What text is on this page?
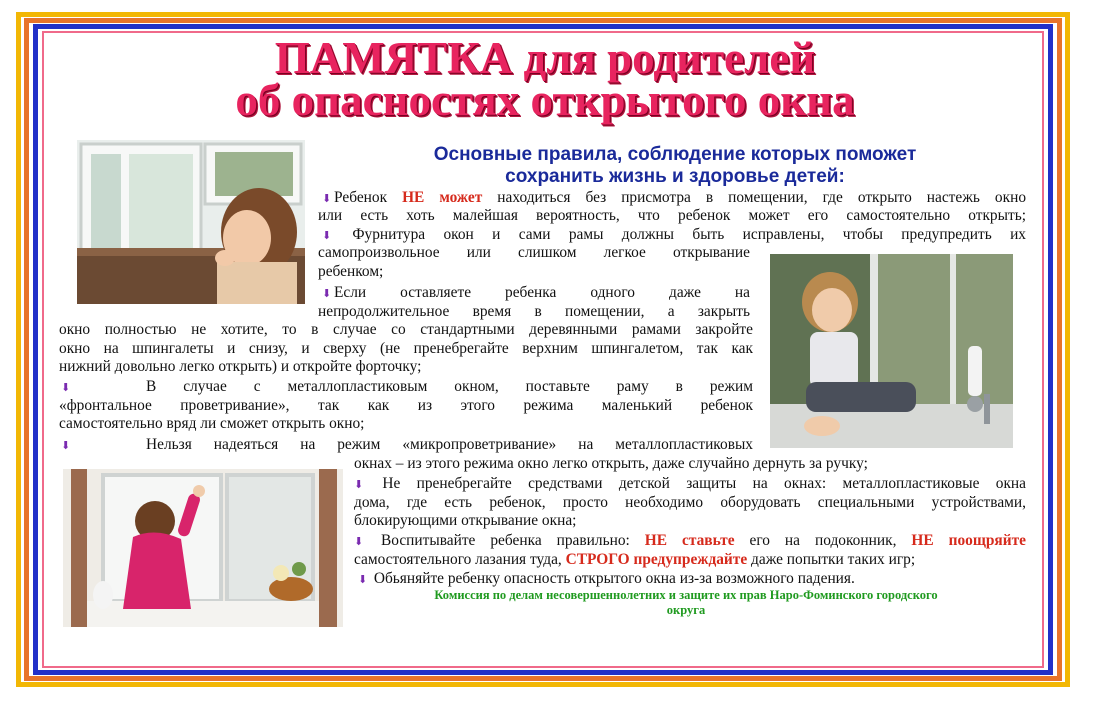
ПАМЯТКА для родителей
об опасностях открытого окна
Основные правила, соблюдение которых поможет
сохранить жизнь и здоровье детей:
⬇ Ребенок НЕ может находиться без присмотра в помещении, где открыто настежь окно
или есть хоть малейшая вероятность, что ребенок может его самостоятельно открыть;
⬇ Фурнитура окон и сами рамы должны быть исправлены, чтобы предупредить их
самопроизвольное или слишком легкое открывание
ребенком;
⬇ Если оставляете ребенка одного даже на
непродолжительное время в помещении, а закрыть
окно полностью не хотите, то в случае со стандартными деревянными рамами закройте
окно на шпингалеты и снизу, и сверху (не пренебрегайте верхним шпингалетом, так как
нижний довольно легко открыть) и откройте форточку;
⬇	В случае с металлопластиковым окном, поставьте раму в режим
«фронтальное проветривание», так как из этого режима маленький ребенок
самостоятельно вряд ли сможет открыть окно;
⬇	Нельзя надеяться на режим «микропроветривание» на металлопластиковых
окнах – из этого режима окно легко открыть, даже случайно дернуть за ручку;
⬇ Не пренебрегайте средствами детской защиты на окнах: металлопластиковые окна
дома, где есть ребенок, просто необходимо оборудовать специальными устройствами,
блокирующими открывание окна;
⬇ Воспитывайте ребенка правильно: НЕ ставьте его на подоконник, НЕ поощряйте
самостоятельного лазания туда, СТРОГО предупреждайте даже попытки таких игр;
⬇ Обьяняйте ребенку опасность открытого окна из-за возможного падения.
Комиссия по делам несовершеннолетних и защите их прав Наро-Фоминского городского
округа
